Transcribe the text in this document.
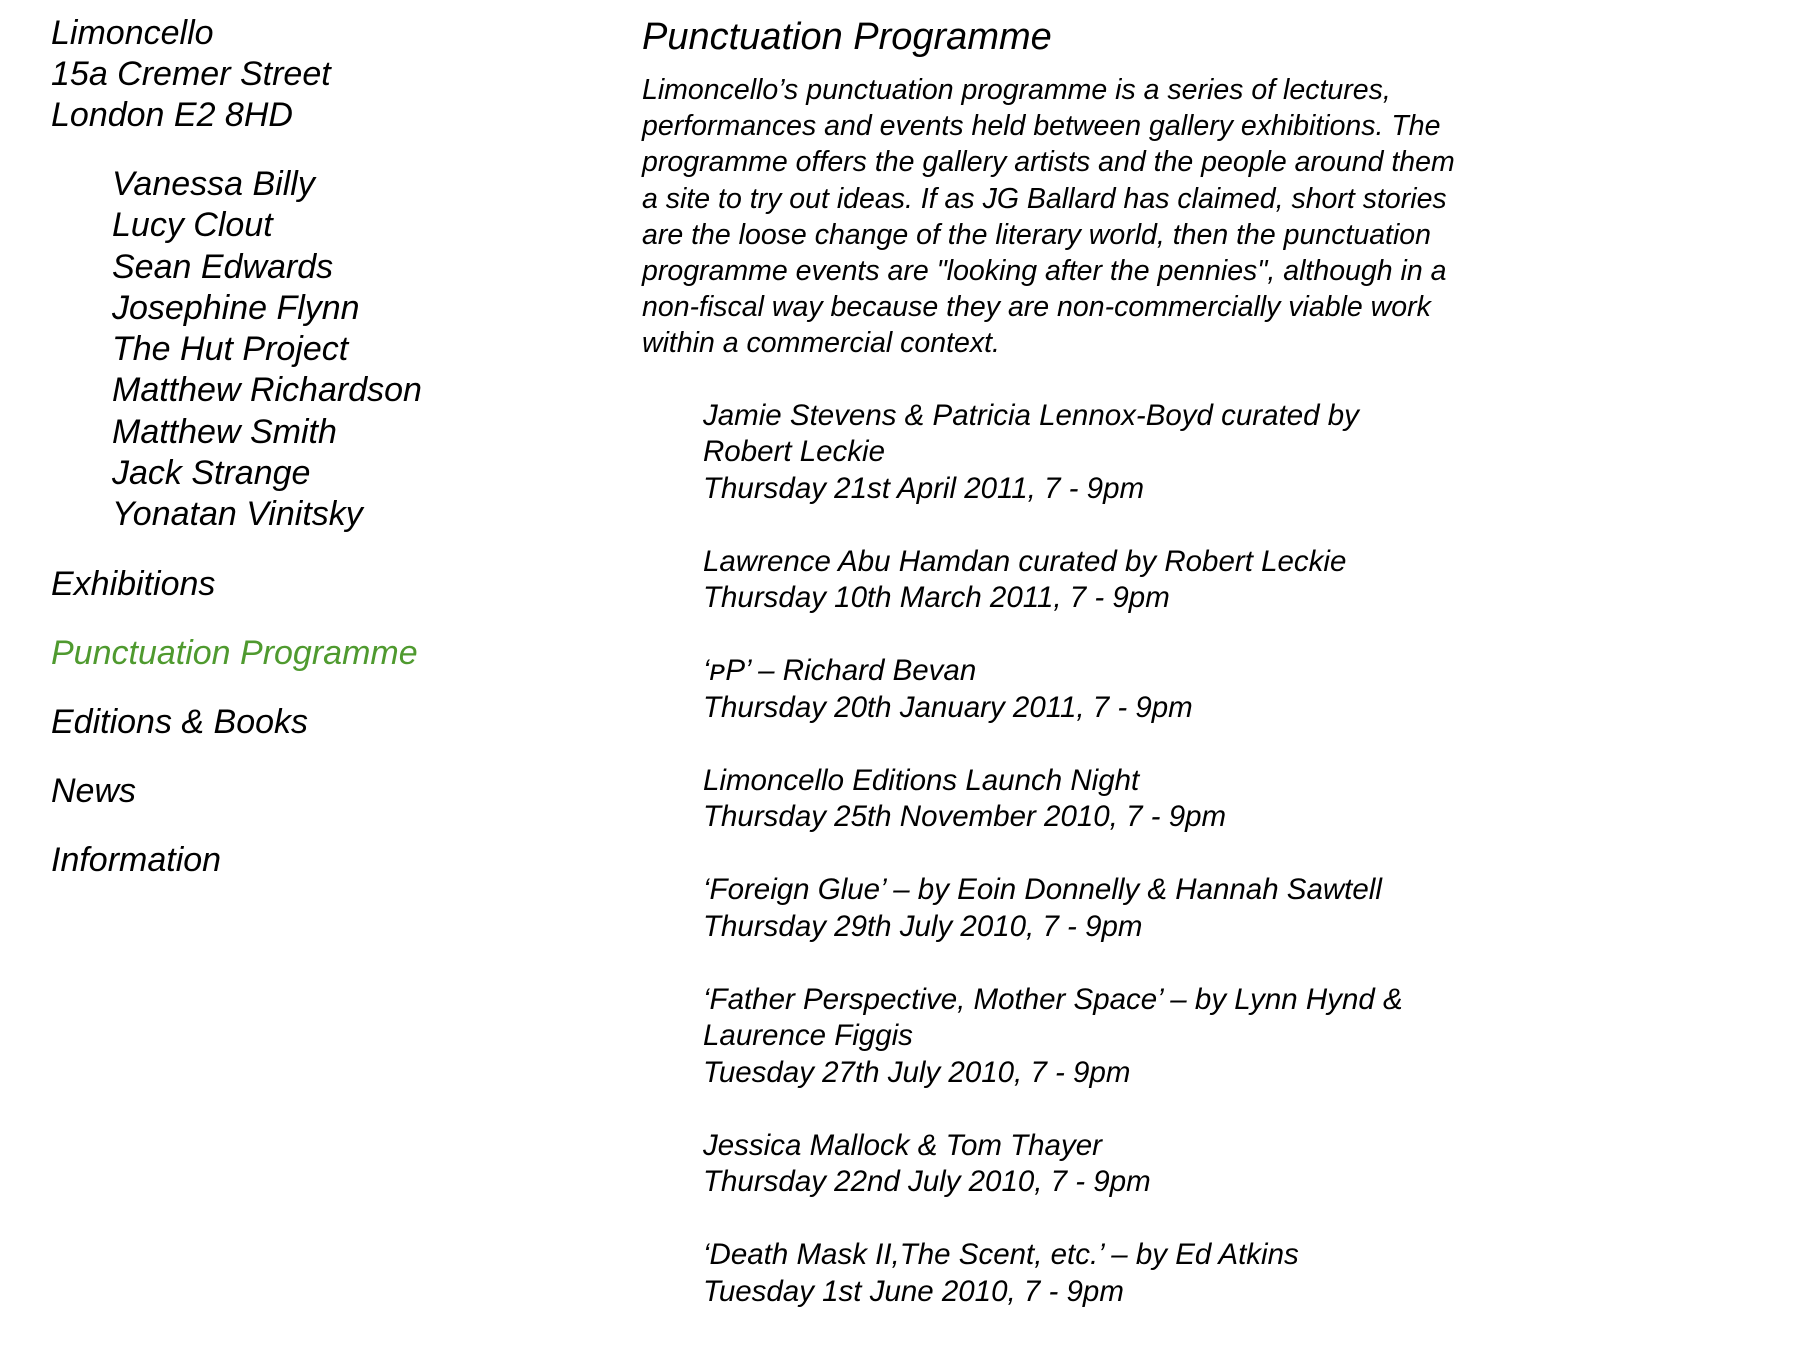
Limoncello
15a Cremer Street
London E2 8HD
Vanessa Billy
Lucy Clout
Sean Edwards
Josephine Flynn
The Hut Project
Matthew Richardson
Matthew Smith
Jack Strange
Yonatan Vinitsky
Exhibitions
Punctuation Programme
Editions & Books
News
Information
Punctuation Programme

Limoncello’s punctuation programme is a series of lectures, performances and events held between gallery exhibitions. The programme offers the gallery artists and the people around them a site to try out ideas. If as JG Ballard has claimed, short stories are the loose change of the literary world, then the punctuation programme events are "looking after the pennies", although in a non-fiscal way because they are non-commercially viable work within a commercial context.

Jamie Stevens & Patricia Lennox-Boyd curated by Robert Leckie
Thursday 21st April 2011, 7 - 9pm
Lawrence Abu Hamdan curated by Robert Leckie
Thursday 10th March 2011, 7 - 9pm
‘ᴘP’ – Richard Bevan
Thursday 20th January 2011, 7 - 9pm
Limoncello Editions Launch Night
Thursday 25th November 2010, 7 - 9pm
‘Foreign Glue’ – by Eoin Donnelly & Hannah Sawtell
Thursday 29th July 2010, 7 - 9pm
‘Father Perspective, Mother Space’ – by Lynn Hynd & Laurence Figgis
Tuesday 27th July 2010, 7 - 9pm
Jessica Mallock & Tom Thayer
Thursday 22nd July 2010, 7 - 9pm
‘Death Mask II,The Scent, etc.’ – by Ed Atkins
Tuesday 1st June 2010, 7 - 9pm
